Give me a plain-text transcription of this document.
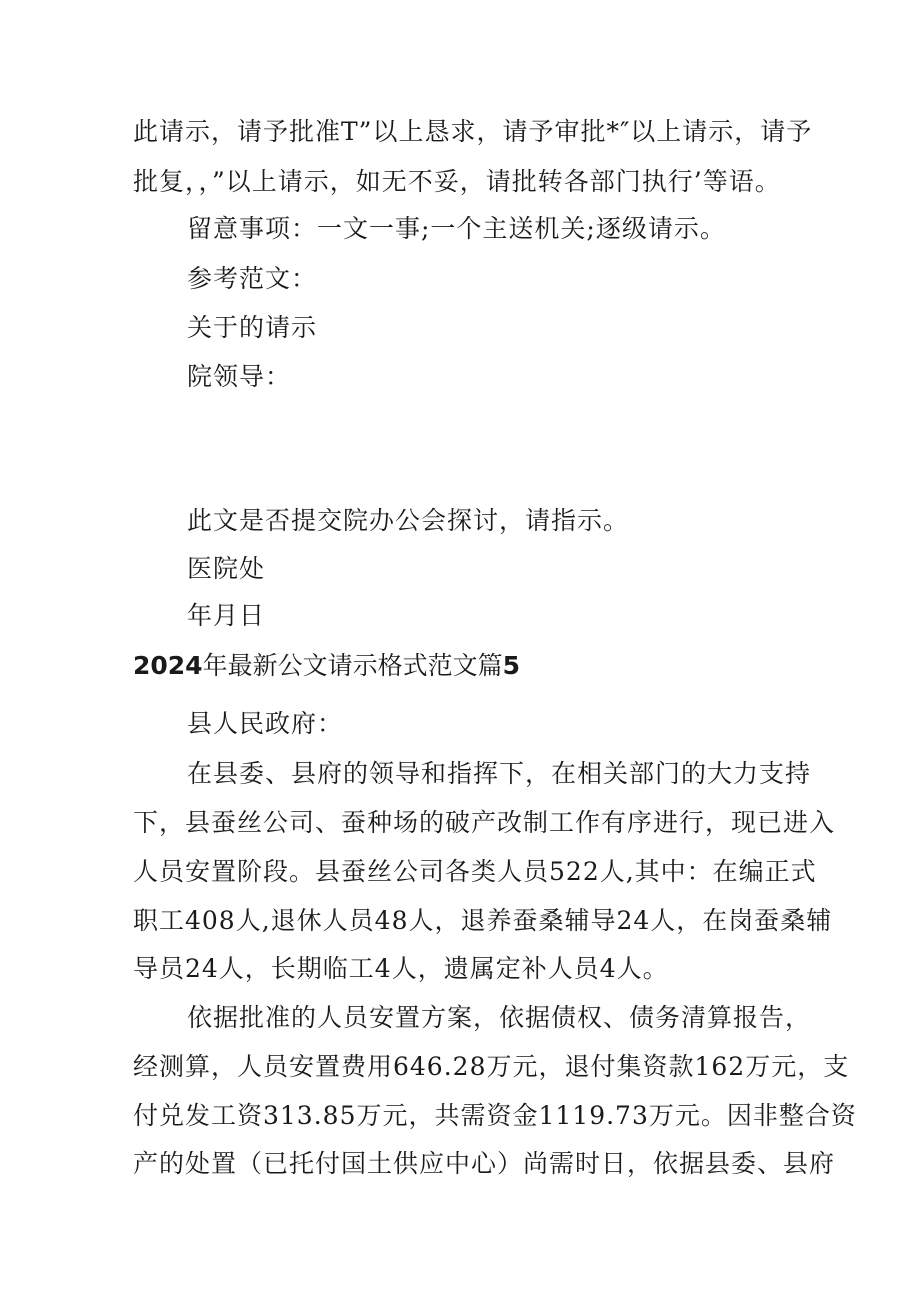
此请示，请予批准T”以上恳求，请予审批*″以上请示，请予
批复，，”以上请示，如无不妥，请批转各部门执行’等语。
留意事项：一文一事;一个主送机关;逐级请示。
参考范文：
关于的请示
院领导：
此文是否提交院办公会探讨，请指示。
医院处
年月日
2024年最新公文请示格式范文篇5
县人民政府：
在县委、县府的领导和指挥下，在相关部门的大力支持
下，县蚕丝公司、蚕种场的破产改制工作有序进行，现已进入
人员安置阶段。县蚕丝公司各类人员522人,其中：在编正式
职工408人,退休人员48人，退养蚕桑辅导24人，在岗蚕桑辅
导员24人，长期临工4人，遗属定补人员4人。
依据批准的人员安置方案，依据债权、债务清算报告，
经测算，人员安置费用646.28万元，退付集资款162万元，支
付兑发工资313.85万元，共需资金1119.73万元。因非整合资
产的处置（已托付国土供应中心）尚需时日，依据县委、县府
